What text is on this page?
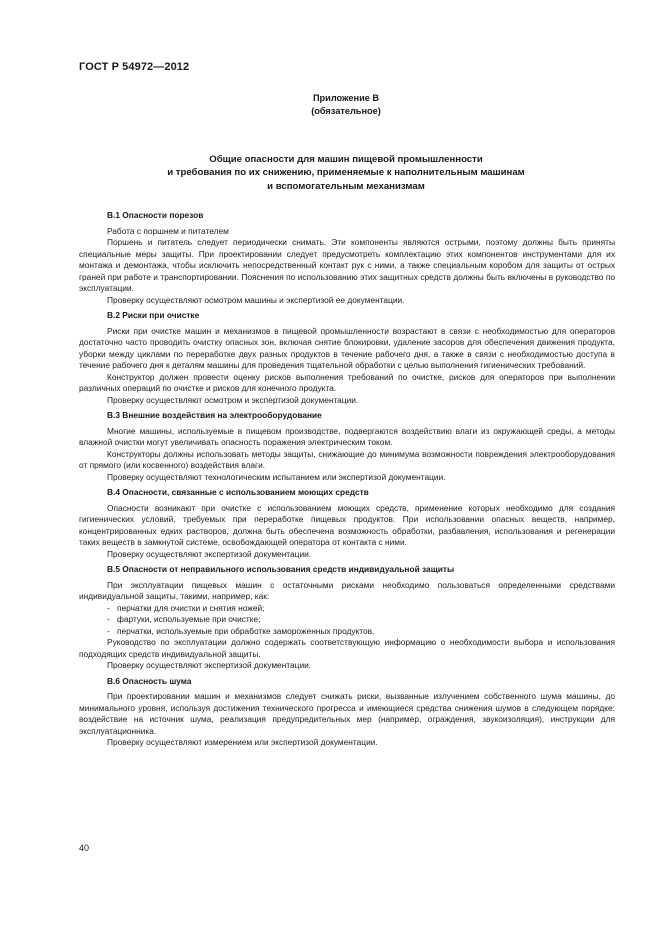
ГОСТ Р 54972—2012
Приложение В
(обязательное)
Общие опасности для машин пищевой промышленности
и требования по их снижению, применяемые к наполнительным машинам
и вспомогательным механизмам

В.1 Опасности порезов

Работа с поршнем и питателем

Поршень и питатель следует периодически снимать. Эти компоненты являются острыми, поэтому должны быть приняты специальные меры защиты. При проектировании следует предусмотреть комплектацию этих компонентов инструментами для их монтажа и демонтажа, чтобы исключить непосредственный контакт рук с ними, а также специальным коробом для защиты от острых граней при работе и транспортировании. Пояснения по использованию этих защитных средств должны быть включены в руководство по эксплуатации.

Проверку осуществляют осмотром машины и экспертизой ее документации.

В.2 Риски при очистке

Риски при очистке машин и механизмов в пищевой промышленности возрастают в связи с необходимостью для операторов достаточно часто проводить очистку опасных зон, включая снятие блокировки, удаление засоров для обеспечения движения продукта, уборки между циклами по переработке двух разных продуктов в течение рабочего дня, а также в связи с необходимостью доступа в течение рабочего дня к деталям машины для проведения тщательной обработки с целью выполнения гигиенических требований.

Конструктор должен провести оценку рисков выполнения требований по очистке, рисков для операторов при выполнении различных операций по очистке и рисков для конечного продукта.

Проверку осуществляют осмотром и экспертизой документации.

В.3 Внешние воздействия на электрооборудование

Многие машины, используемые в пищевом производстве, подвергаются воздействию влаги из окружающей среды, а методы влажной очистки могут увеличивать опасность поражения электрическим током.

Конструкторы должны использовать методы защиты, снижающие до минимума возможности повреждения электрооборудования от прямого (или косвенного) воздействия влаги.

Проверку осуществляют технологическим испытанием или экспертизой документации.

В.4 Опасности, связанные с использованием моющих средств

Опасности возникают при очистке с использованием моющих средств, применение которых необходимо для создания гигиенических условий, требуемых при переработке пищевых продуктов. При использовании опасных веществ, например, концентрированных едких растворов, должна быть обеспечена возможность обработки, разбавления, использования и регенерации таких веществ в замкнутой системе, освобождающей оператора от контакта с ними.

Проверку осуществляют экспертизой документации.

В.5 Опасности от неправильного использования средств индивидуальной защиты

При эксплуатации пищевых машин с остаточными рисками необходимо пользоваться определенными средствами индивидуальной защиты, такими, например, как:

- перчатки для очистки и снятия ножей;

- фартуки, используемые при очистке;

- перчатки, используемые при обработке замороженных продуктов.

Руководство по эксплуатации должно содержать соответствующую информацию о необходимости выбора и использования подходящих средств индивидуальной защиты.

Проверку осуществляют экспертизой документации.

В.6 Опасность шума

При проектировании машин и механизмов следует снижать риски, вызванные излучением собственного шума машины, до минимального уровня, используя достижения технического прогресса и имеющиеся средства снижения шумов в следующем порядке: воздействие на источник шума, реализация предупредительных мер (например, ограждения, звукоизоляция), инструкции для эксплуатационника.

Проверку осуществляют измерением или экспертизой документации.

40
